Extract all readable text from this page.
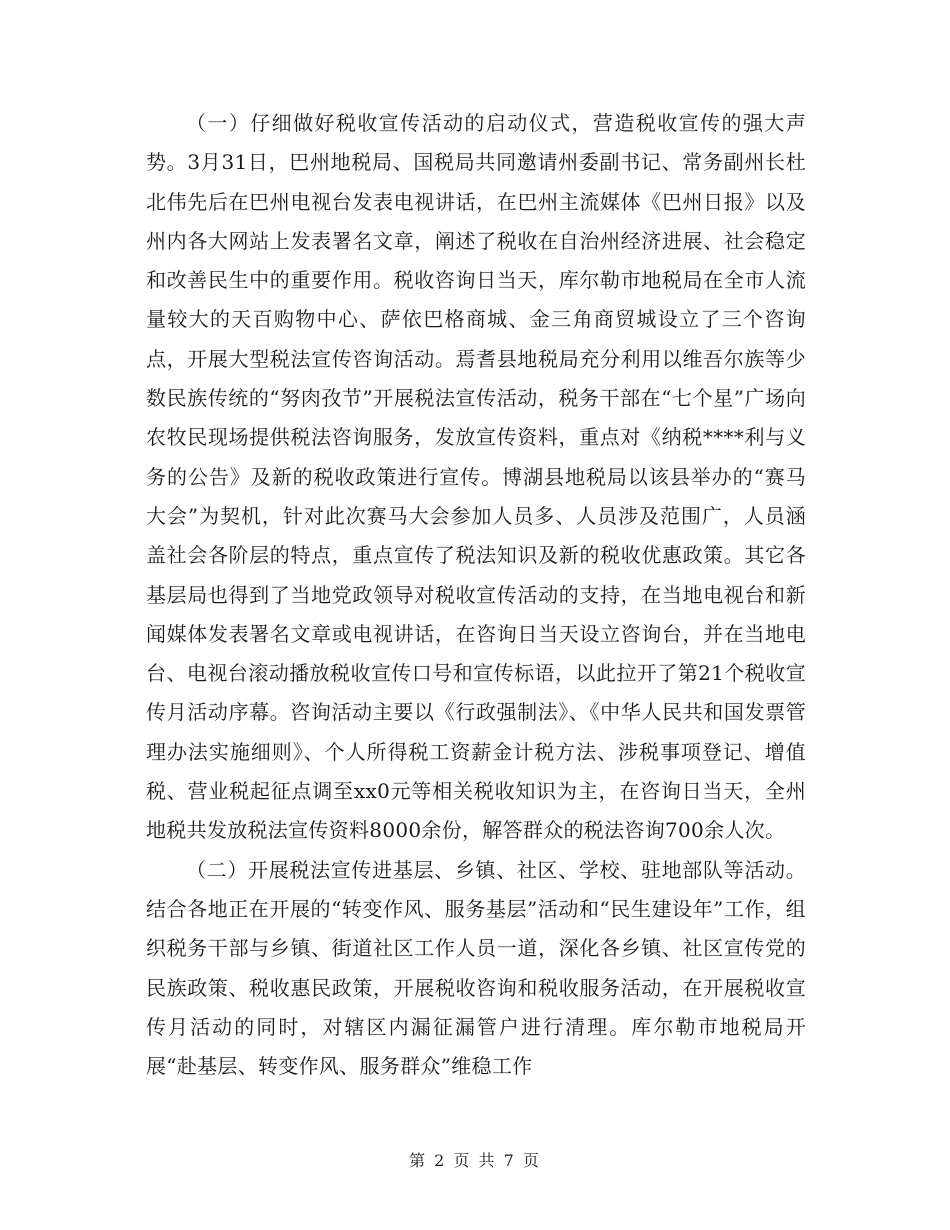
（一）仔细做好税收宣传活动的启动仪式，营造税收宣传的强大声势。3月31日，巴州地税局、国税局共同邀请州委副书记、常务副州长杜北伟先后在巴州电视台发表电视讲话，在巴州主流媒体《巴州日报》以及州内各大网站上发表署名文章，阐述了税收在自治州经济进展、社会稳定和改善民生中的重要作用。税收咨询日当天，库尔勒市地税局在全市人流量较大的天百购物中心、萨依巴格商城、金三角商贸城设立了三个咨询点，开展大型税法宣传咨询活动。焉耆县地税局充分利用以维吾尔族等少数民族传统的“努肉孜节”开展税法宣传活动，税务干部在“七个星”广场向农牧民现场提供税法咨询服务，发放宣传资料，重点对《纳税****利与义务的公告》及新的税收政策进行宣传。博湖县地税局以该县举办的“赛马大会”为契机，针对此次赛马大会参加人员多、人员涉及范围广，人员涵盖社会各阶层的特点，重点宣传了税法知识及新的税收优惠政策。其它各基层局也得到了当地党政领导对税收宣传活动的支持，在当地电视台和新闻媒体发表署名文章或电视讲话，在咨询日当天设立咨询台，并在当地电台、电视台滚动播放税收宣传口号和宣传标语，以此拉开了第21个税收宣传月活动序幕。咨询活动主要以《行政强制法》、《中华人民共和国发票管理办法实施细则》、个人所得税工资薪金计税方法、涉税事项登记、增值税、营业税起征点调至xx0元等相关税收知识为主，在咨询日当天，全州地税共发放税法宣传资料8000余份，解答群众的税法咨询700余人次。

（二）开展税法宣传进基层、乡镇、社区、学校、驻地部队等活动。结合各地正在开展的“转变作风、服务基层”活动和“民生建设年”工作，组织税务干部与乡镇、街道社区工作人员一道，深化各乡镇、社区宣传党的民族政策、税收惠民政策，开展税收咨询和税收服务活动，在开展税收宣传月活动的同时，对辖区内漏征漏管户进行清理。库尔勒市地税局开展“赴基层、转变作风、服务群众”维稳工作

第 2 页 共 7 页
